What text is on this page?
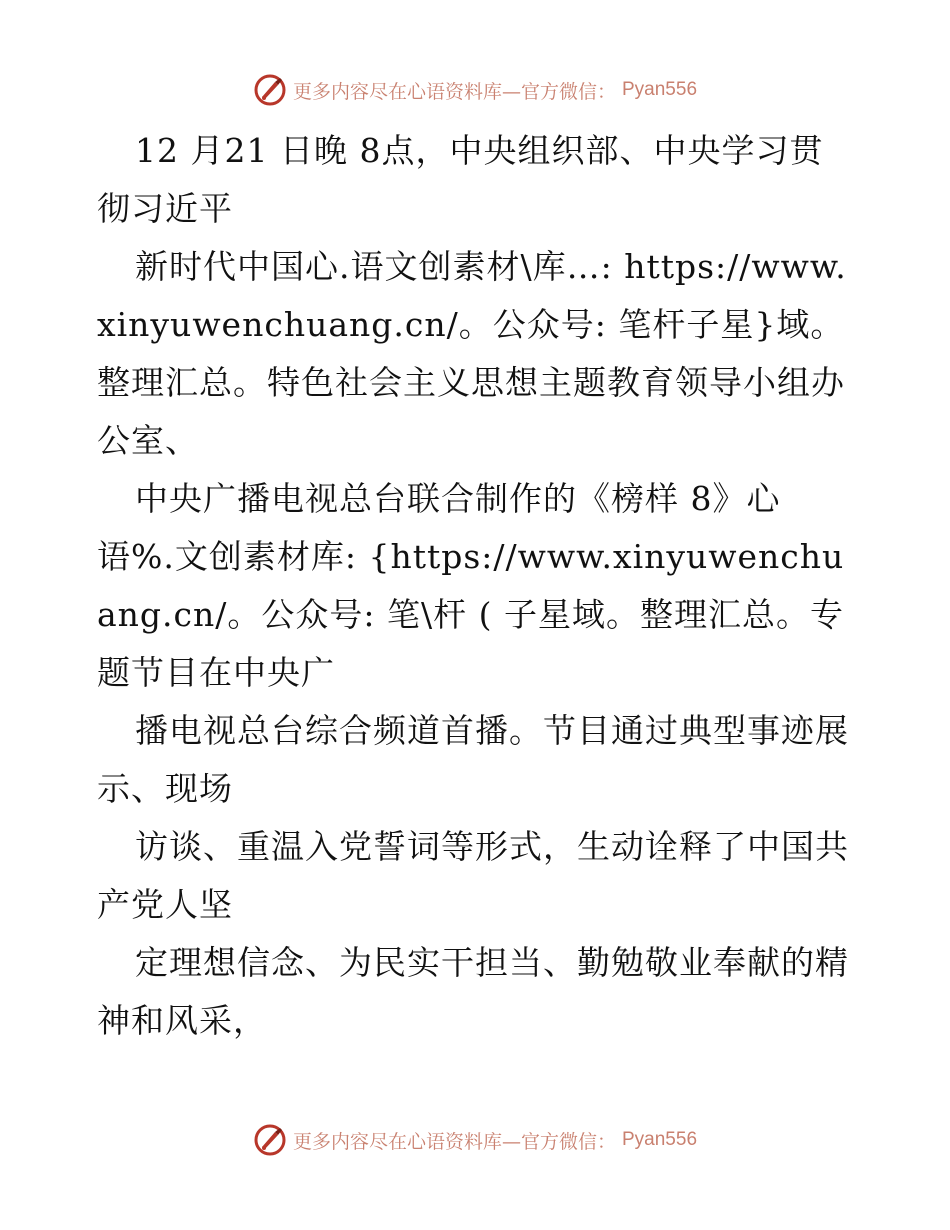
更多内容尽在心语资料库—官方微信： Pyan556

12 月21 日晚 8点，中央组织部、中央学习贯彻习近平

新时代中国心.语文创素材\库…: https://www.xinyuwenchuang.cn/。公众号: 笔杆子星}域。整理汇总。特色社会主义思想主题教育领导小组办公室、

中央广播电视总台联合制作的《榜样 8》心语%.文创素材库: {https://www.xinyuwenchuang.cn/。公众号: 笔\杆 ( 子星域。整理汇总。专题节目在中央广

播电视总台综合频道首播。节目通过典型事迹展示、现场

访谈、重温入党誓词等形式，生动诠释了中国共产党人坚

定理想信念、为民实干担当、勤勉敬业奉献的精神和风采，

更多内容尽在心语资料库—官方微信： Pyan556
